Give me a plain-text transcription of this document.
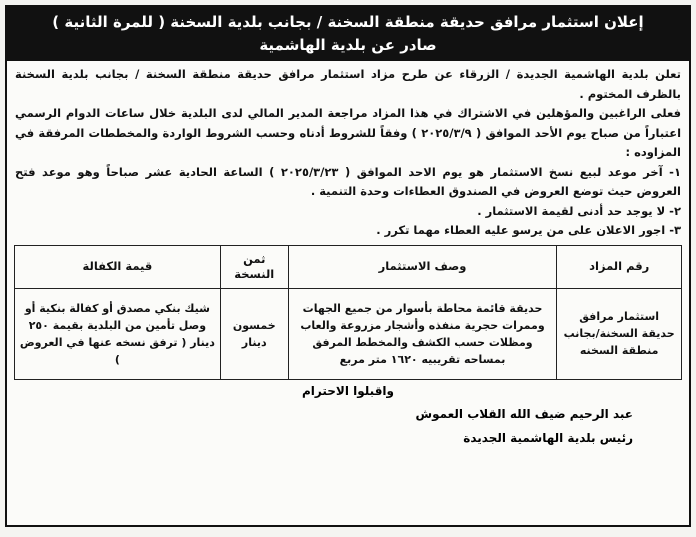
إعلان استثمار مرافق حديقة منطقة السخنة / بجانب بلدية السخنة ( للمرة الثانية )
صادر عن بلدية الهاشمية

تعلن بلدية الهاشمية الجديدة / الزرقاء عن طرح مزاد استثمار مرافق حديقة منطقة السخنة / بجانب بلدية السخنة بالظرف المختوم .

فعلى الراغبين والمؤهلين في الاشتراك في هذا المزاد مراجعة المدير المالي لدى البلدية خلال ساعات الدوام الرسمي اعتباراً من صباح يوم الأحد الموافق ( ٢٠٢٥/٣/٩ ) وفقاً للشروط أدناه وحسب الشروط الواردة والمخططات المرفقة في المزاوده :

١- آخر موعد لبيع نسخ الاستثمار هو يوم الاحد الموافق ( ٢٠٢٥/٣/٢٣ ) الساعة الحادية عشر صباحاً وهو موعد فتح العروض حيث توضع العروض في الصندوق العطاءات وحدة التنمية .

٢- لا يوجد حد أدنى لقيمة الاستثمار .

٣- اجور الاعلان على من يرسو عليه العطاء مهما تكرر .

رقم المزاد	وصف الاستثمار	ثمن النسخة	قيمة الكفالة
استثمار مرافق حديقة السخنة/بجانب منطقة السخنه	حديقة قائمة محاطة بأسوار من جميع الجهات وممرات حجرية منفذه وأشجار مزروعة والعاب ومظلات حسب الكشف والمخطط المرفق بمساحه تقريبيه ١٦٢٠ متر مربع	خمسون دينار	شيك بنكي مصدق أو كفالة بنكية أو وصل تأمين من البلدية بقيمة ٢٥٠ دينار ( ترفق نسخه عنها في العروض )
واقبلوا الاحترام
عبد الرحيم ضيف الله القلاب العموش
رئيس بلدية الهاشمية الجديدة
